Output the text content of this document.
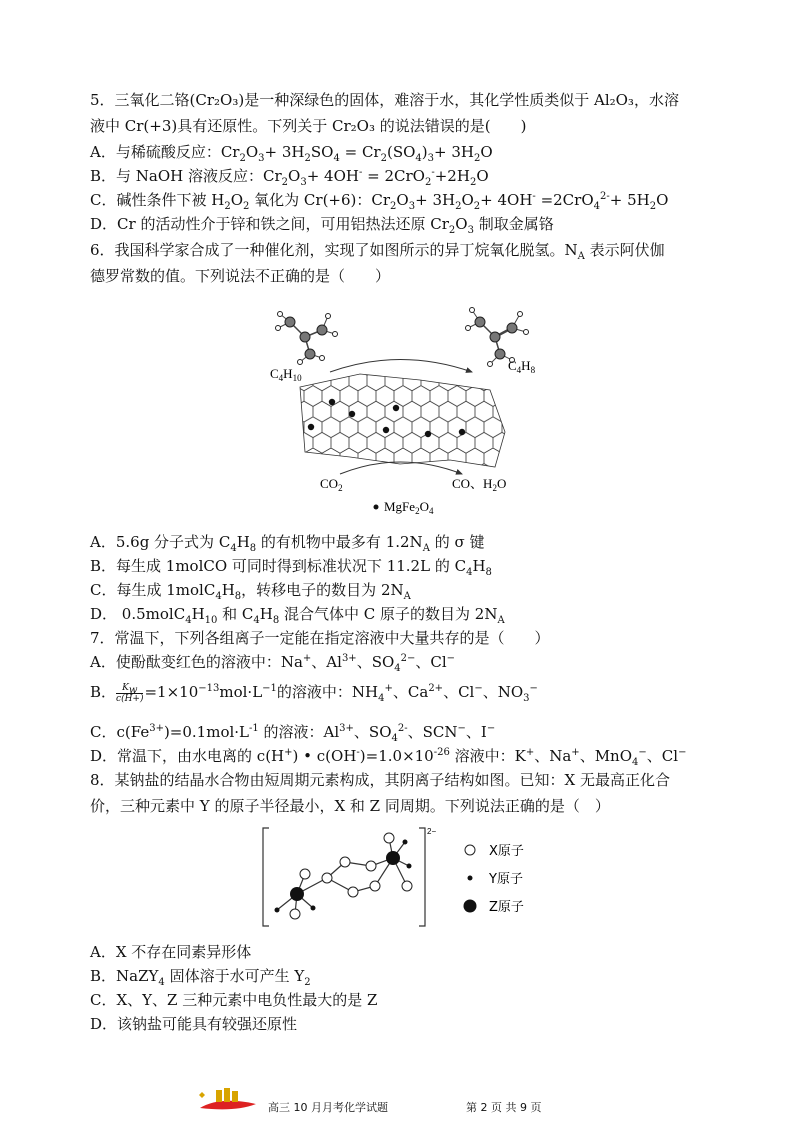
5．三氧化二铬(Cr₂O₃)是一种深绿色的固体，难溶于水，其化学性质类似于 Al₂O₃，水溶
液中 Cr(+3)具有还原性。下列关于 Cr₂O₃ 的说法错误的是(　　)
A．与稀硫酸反应：$Cr_2O_3+ 3H_2SO_4 = Cr_2(SO_4)_3+ 3H_2O$
B．与 NaOH 溶液反应：$Cr_2O_3+ 4OH^- = 2CrO_2^-+2H_2O$
C．碱性条件下被 $H_2O_2$ 氧化为 Cr(+6)：$Cr_2O_3+ 3H_2O_2+ 4OH^- =2CrO_4^{2-}+ 5H_2O$
D．Cr 的活动性介于锌和铁之间，可用铝热法还原 $Cr_2O_3$ 制取金属铬
6．我国科学家合成了一种催化剂，实现了如图所示的异丁烷氧化脱氢。$N_A$ 表示阿伏伽
德罗常数的值。下列说法不正确的是（　　）
$C_4H_{10}$
$C_4H_8$
$CO_2$	CO、$H_2O$
$MgFe_2O_4$
A．5.6g 分子式为 $C_4H_8$ 的有机物中最多有 $1.2N_A$ 的 σ 键
B．每生成 1molCO 可同时得到标准状况下 11.2L 的 $C_4H_8$
C．每生成 $1molC_4H_8$，转移电子的数目为 $2N_A$
D． $0.5molC_4H_{10}$ 和 $C_4H_8$ 混合气体中 C 原子的数目为 $2N_A$
7．常温下，下列各组离子一定能在指定溶液中大量共存的是（　　）
A．使酚酞变红色的溶液中：Na+、$Al^{3+}$、$SO_4^{2-}$、Cl−
B． $\frac{K_w}{c(H+)} =1\times 10^{-13}mol\cdot L^{-1}$的溶液中：$NH_4^+$、$Ca^{2+}$、Cl−、$NO_3^-$
C．$c(Fe^{3+})=0.1mol\cdot L^{-1}$ 的溶液：$Al^{3+}$、$SO_4^{2-}$、SCN−、I−
D．常温下，由水电离的 c(H+) • $c(OH^-)=1.0\times 10^{-26}$ 溶液中：K+、Na+、MnO$_4$−、Cl−
8．某钠盐的结晶水合物由短周期元素构成，其阴离子结构如图。已知：X 无最高正化合
价，三种元素中 Y 的原子半径最小，X 和 Z 同周期。下列说法正确的是（　）
2−
X原子
Y原子
Z原子
A．X 不存在同素异形体
B．NaZY$_4$ 固体溶于水可产生 $Y_2$
C．X、Y、Z 三种元素中电负性最大的是 Z
D．该钠盐可能具有较强还原性
高三 10 月月考化学试题	第 2 页 共 9 页
